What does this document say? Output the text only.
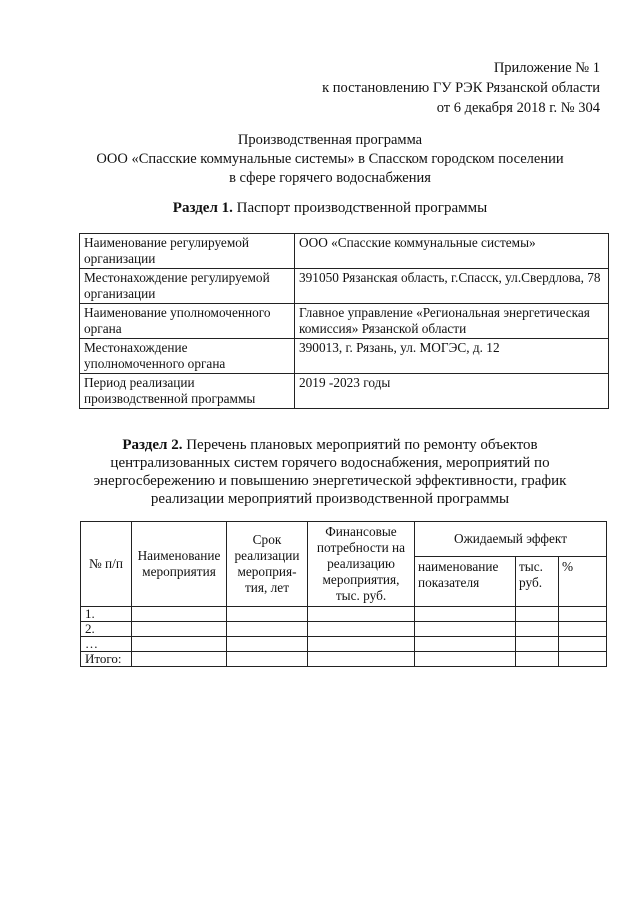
Приложение № 1
к постановлению ГУ РЭК Рязанской области
от 6 декабря 2018 г. № 304
Производственная программа
ООО «Спасские коммунальные системы» в Спасском городском поселении
в сфере горячего водоснабжения
Раздел 1. Паспорт производственной программы
Наименование регулируемой организации	ООО «Спасские коммунальные системы»
Местонахождение регулируемой организации	391050 Рязанская область, г.Спасск, ул.Свердлова, 78
Наименование уполномоченного органа	Главное управление «Региональная энергетическая комиссия» Рязанской области
Местонахождение уполномоченного органа	390013, г. Рязань, ул. МОГЭС, д. 12
Период реализации производственной программы	2019 -2023 годы
Раздел 2. Перечень плановых мероприятий по ремонту объектов централизованных систем горячего водоснабжения, мероприятий по энергосбережению и повышению энергетической эффективности, график реализации мероприятий производственной программы
№ п/п	Наименование мероприятия	Срок реализации мероприя- тия, лет	Финансовые потребности на реализацию мероприятия, тыс. руб.	Ожидаемый эффект		
				наименование показателя	тыс. руб.	%
1.						
2.						
…						
Итого:						
